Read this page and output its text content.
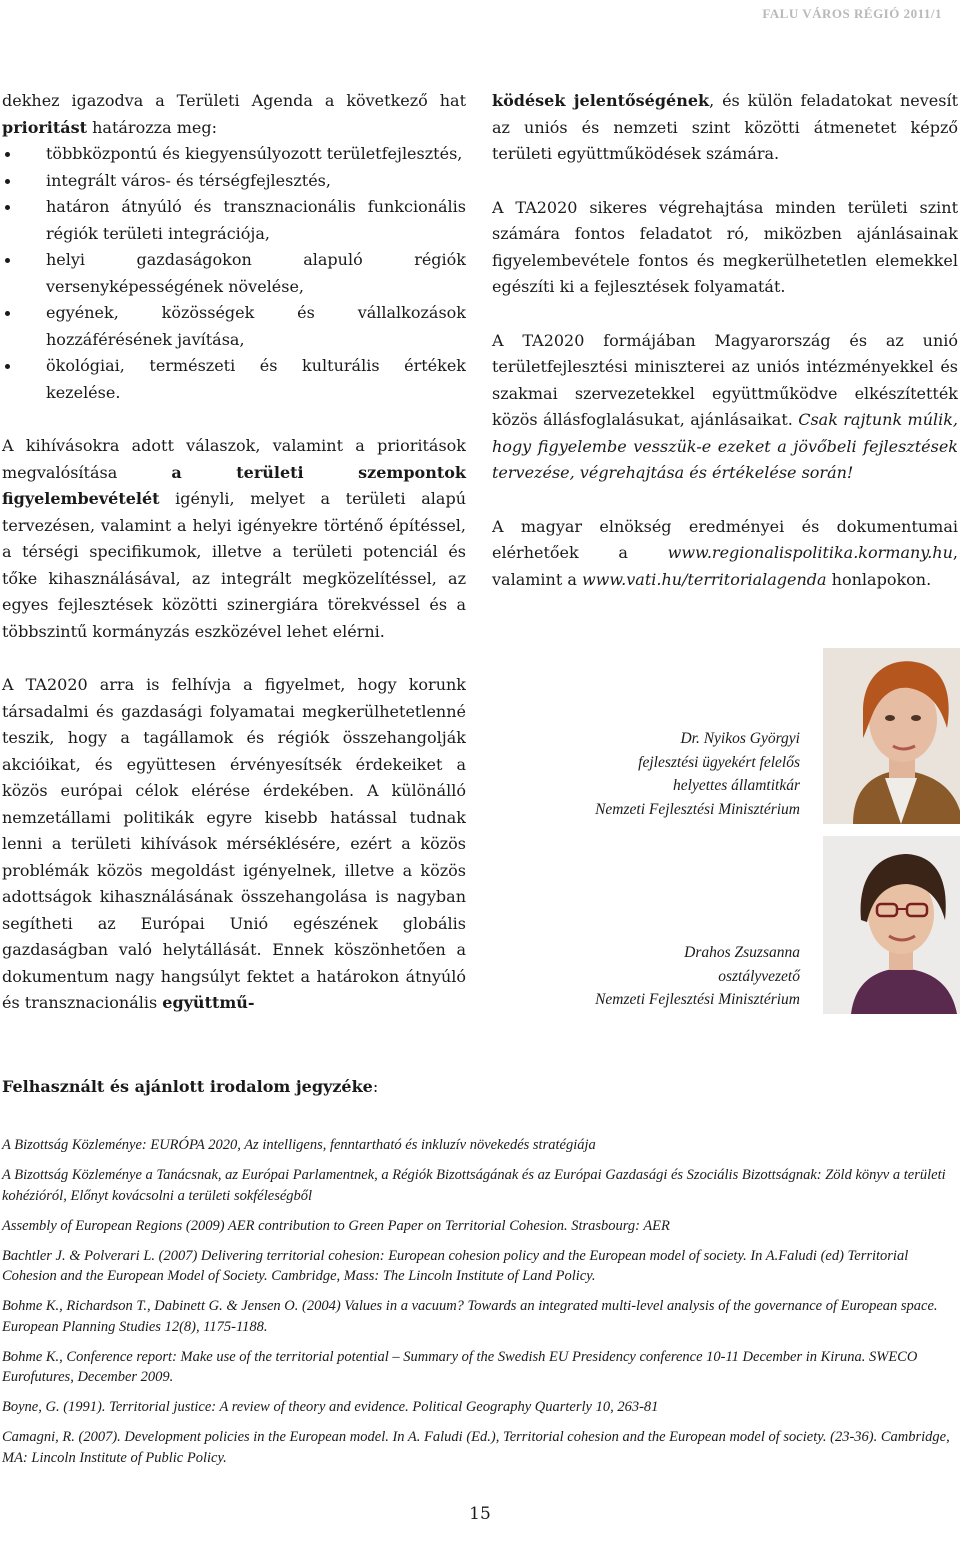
FALU VÁROS RÉGIÓ 2011/1

dekhez igazodva a Területi Agenda a következő hat prioritást határozza meg:

többközpontú és kiegyensúlyozott területfejlesztés,
integrált város- és térségfejlesztés,
határon átnyúló és transznacionális funkcionális régiók területi integrációja,
helyi gazdaságokon alapuló régiók versenyképességének növelése,
egyének, közösségek és vállalkozások hozzáférésének javítása,
ökológiai, természeti és kulturális értékek kezelése.

A kihívásokra adott válaszok, valamint a prioritások megvalósítása a területi szempontok figyelembevételét igényli, melyet a területi alapú tervezésen, valamint a helyi igényekre történő építéssel, a térségi specifikumok, illetve a területi potenciál és tőke kihasználásával, az integrált megközelítéssel, az egyes fejlesztések közötti szinergiára törekvéssel és a többszintű kormányzás eszközével lehet elérni.

A TA2020 arra is felhívja a figyelmet, hogy korunk társadalmi és gazdasági folyamatai megkerülhetetlenné teszik, hogy a tagállamok és régiók összehangolják akcióikat, és együttesen érvényesítsék érdekeiket a közös európai célok elérése érdekében. A különálló nemzetállami politikák egyre kisebb hatással tudnak lenni a területi kihívások mérséklésére, ezért a közös problémák közös megoldást igényelnek, illetve a közös adottságok kihasználásának összehangolása is nagyban segítheti az Európai Unió egészének globális gazdaságban való helytállását. Ennek köszönhetően a dokumentum nagy hangsúlyt fektet a határokon átnyúló és transznacionális együttmű-

ködések jelentőségének, és külön feladatokat nevesít az uniós és nemzeti szint közötti átmenetet képző területi együttműködések számára.

A TA2020 sikeres végrehajtása minden területi szint számára fontos feladatot ró, miközben ajánlásainak figyelembevétele fontos és megkerülhetetlen elemekkel egészíti ki a fejlesztések folyamatát.

A TA2020 formájában Magyarország és az unió területfejlesztési miniszterei az uniós intézményekkel és szakmai szervezetekkel együttműködve elkészítették közös állásfoglalásukat, ajánlásaikat. Csak rajtunk múlik, hogy figyelembe vesszük-e ezeket a jövőbeli fejlesztések tervezése, végrehajtása és értékelése során!

A magyar elnökség eredményei és dokumentumai elérhetőek a www.regionalispolitika.kormany.hu, valamint a www.vati.hu/territorialagenda honlapokon.

Dr. Nyikos Györgyi
fejlesztési ügyekért felelős
helyettes államtitkár
Nemzeti Fejlesztési Minisztérium
Drahos Zsuzsanna
osztályvezető
Nemzeti Fejlesztési Minisztérium
Felhasznált és ajánlott irodalom jegyzéke:
A Bizottság Közleménye: EURÓPA 2020, Az intelligens, fenntartható és inkluzív növekedés stratégiája
A Bizottság Közleménye a Tanácsnak, az Európai Parlamentnek, a Régiók Bizottságának és az Európai Gazdasági és Szociális Bizottságnak: Zöld könyv a területi kohézióról, Előnyt kovácsolni a területi sokféleségből
Assembly of European Regions (2009) AER contribution to Green Paper on Territorial Cohesion. Strasbourg: AER
Bachtler J. & Polverari L. (2007) Delivering territorial cohesion: European cohesion policy and the European model of society. In A.Faludi (ed) Territorial Cohesion and the European Model of Society. Cambridge, Mass: The Lincoln Institute of Land Policy.
Bohme K., Richardson T., Dabinett G. & Jensen O. (2004) Values in a vacuum? Towards an integrated multi-level analysis of the governance of European space. European Planning Studies 12(8), 1175-1188.
Bohme K., Conference report: Make use of the territorial potential – Summary of the Swedish EU Presidency conference 10-11 December in Kiruna. SWECO Eurofutures, December 2009.
Boyne, G. (1991). Territorial justice: A review of theory and evidence. Political Geography Quarterly 10, 263-81
Camagni, R. (2007). Development policies in the European model. In A. Faludi (Ed.), Territorial cohesion and the European model of society. (23-36). Cambridge, MA: Lincoln Institute of Public Policy.
15
